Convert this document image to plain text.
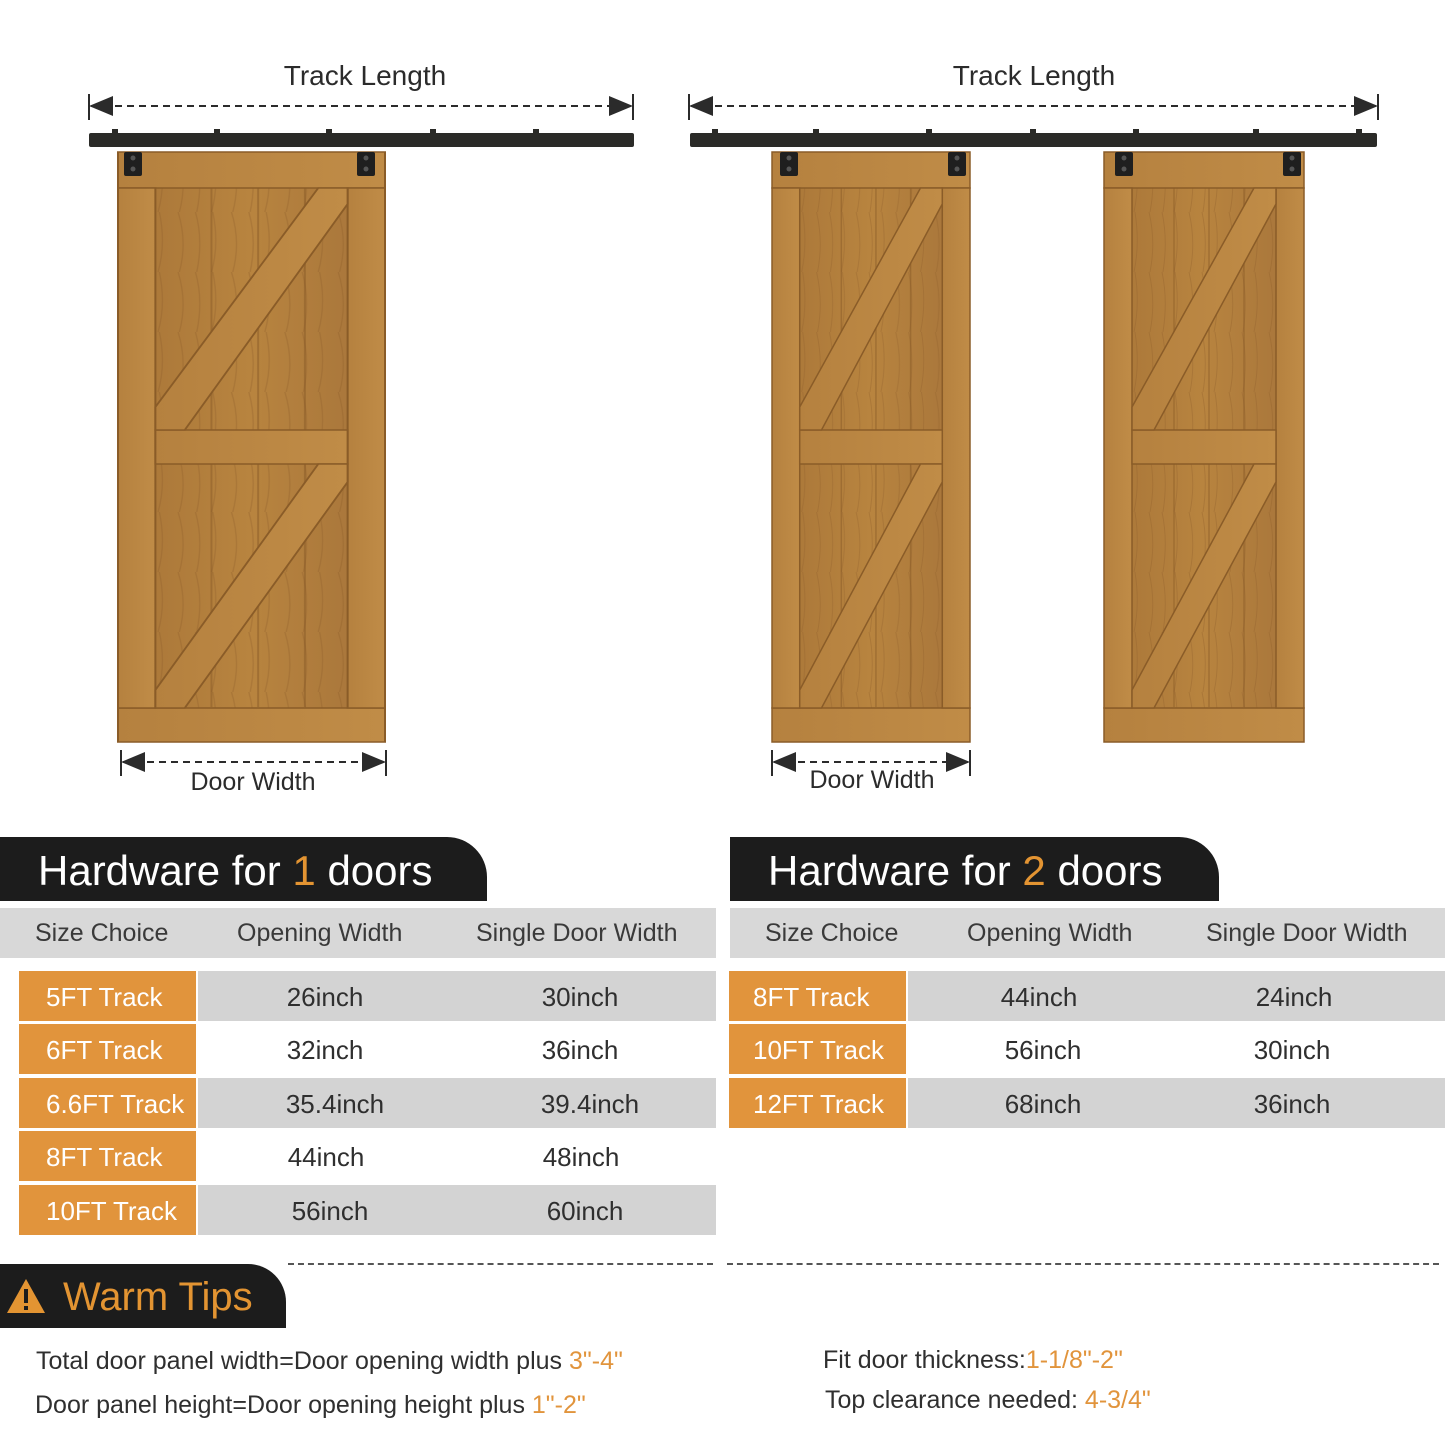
Track Length
Door Width
Track Length
Door Width
Hardware for 1 doors
Size Choice	Opening Width	Single Door Width
5FT Track	26inch	30inch
6FT Track	32inch	36inch
6.6FT Track	35.4inch	39.4inch
8FT Track	44inch	48inch
10FT Track	56inch	60inch
Hardware for 2 doors
Size Choice	Opening Width	Single Door Width
8FT Track	44inch	24inch
10FT Track	56inch	30inch
12FT Track	68inch	36inch
Warm Tips
Total door panel width=Door opening width plus 3"-4"
Door panel height=Door opening height plus 1"-2"
Fit door thickness:1-1/8"-2"
Top clearance needed: 4-3/4"
